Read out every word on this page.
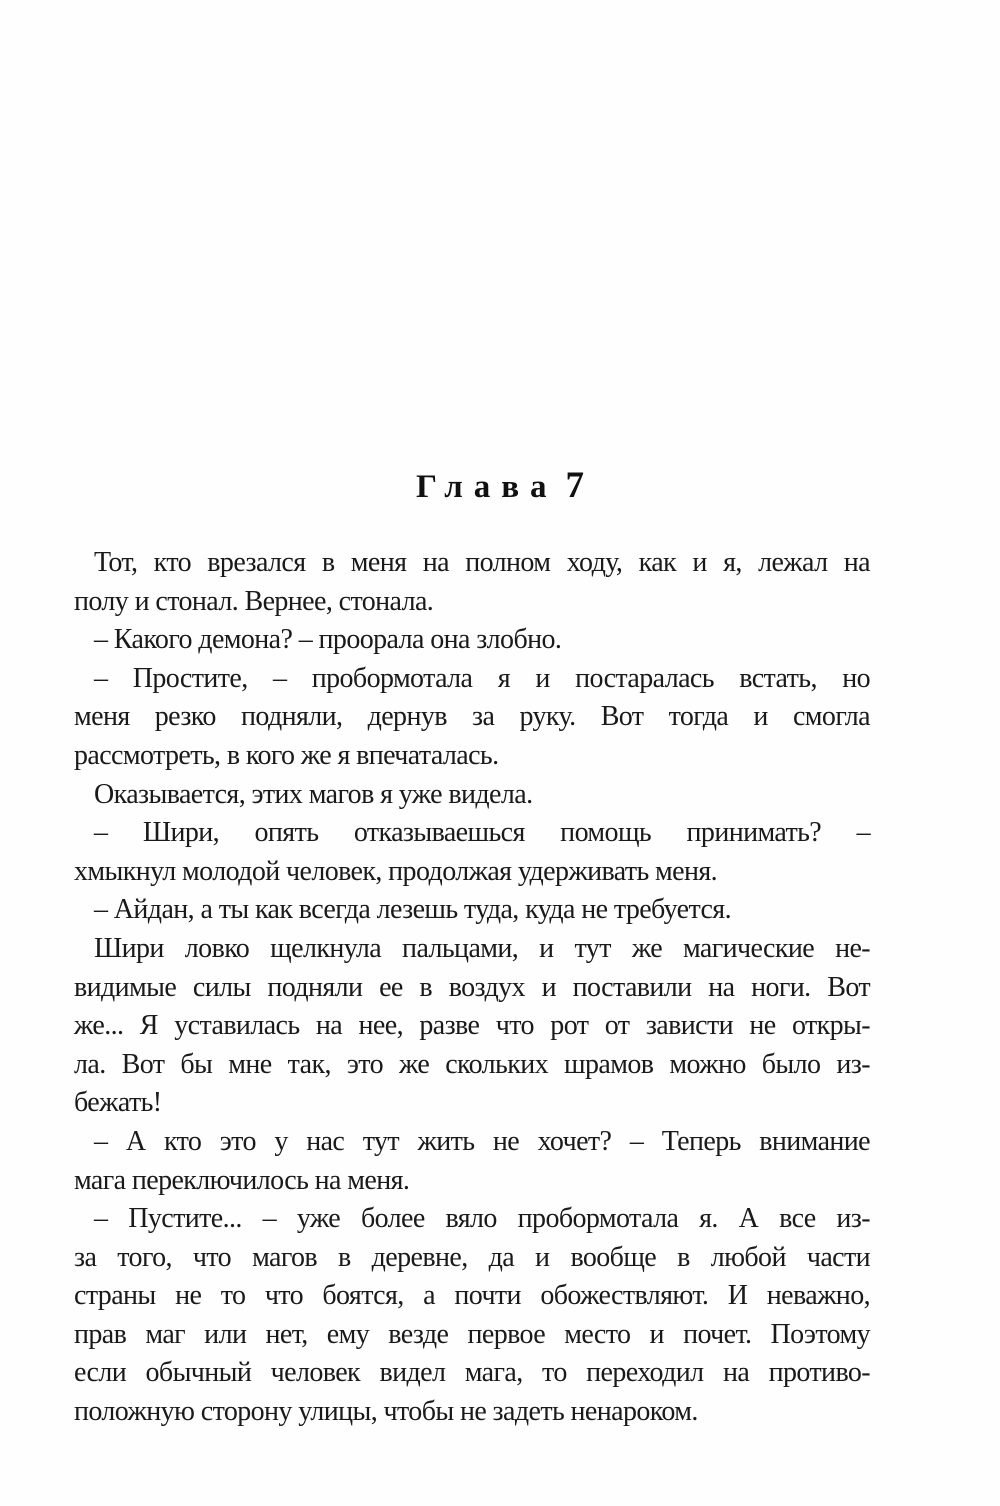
Глава 7
Тот, кто врезался в меня на полном ходу, как и я, лежал на
полу и стонал. Вернее, стонала.
– Какого демона? – проорала она злобно.
– Простите, – пробормотала я и постаралась встать, но
меня резко подняли, дернув за руку. Вот тогда и смогла
рассмотреть, в кого же я впечаталась.
Оказывается, этих магов я уже видела.
– Шири, опять отказываешься помощь принимать? –
хмыкнул молодой человек, продолжая удерживать меня.
– Айдан, а ты как всегда лезешь туда, куда не требуется.
Шири ловко щелкнула пальцами, и тут же магические не-
видимые силы подняли ее в воздух и поставили на ноги. Вот
же... Я уставилась на нее, разве что рот от зависти не откры-
ла. Вот бы мне так, это же скольких шрамов можно было из-
бежать!
– А кто это у нас тут жить не хочет? – Теперь внимание
мага переключилось на меня.
– Пустите... – уже более вяло пробормотала я. А все из-
за того, что магов в деревне, да и вообще в любой части
страны не то что боятся, а почти обожествляют. И неважно,
прав маг или нет, ему везде первое место и почет. Поэтому
если обычный человек видел мага, то переходил на противо-
положную сторону улицы, чтобы не задеть ненароком.
